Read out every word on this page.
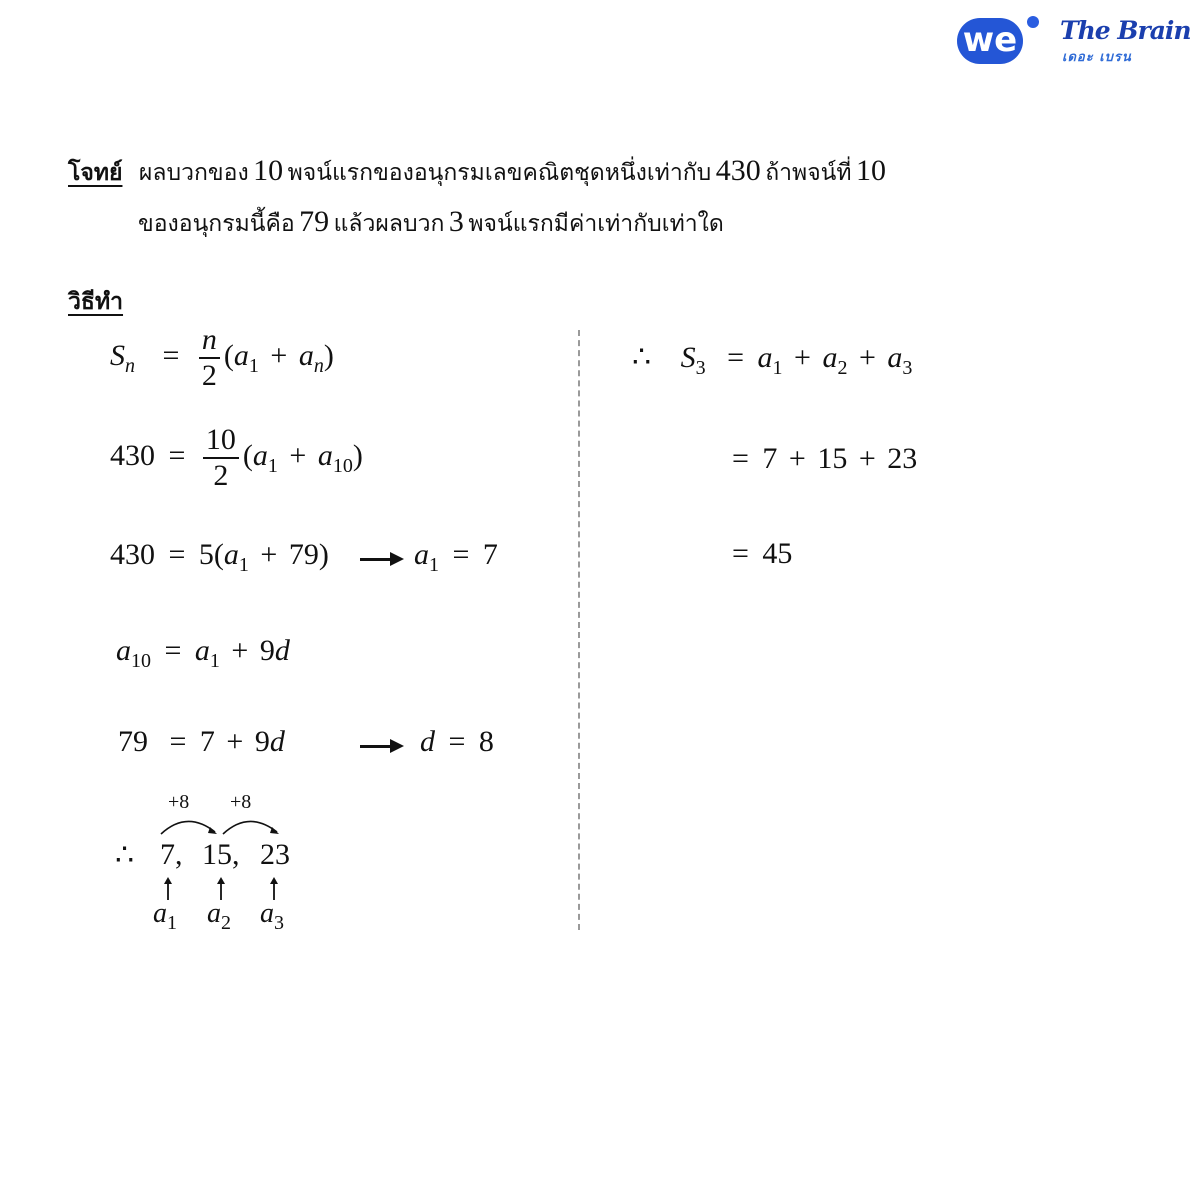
we The Brain
เดอะ เบรน
โจทย์ ผลบวกของ 10 พจน์แรกของอนุกรมเลขคณิตชุดหนึ่งเท่ากับ 430 ถ้าพจน์ที่ 10
ของอนุกรมนี้คือ 79 แล้วผลบวก 3 พจน์แรกมีค่าเท่ากับเท่าใด
วิธีทำ
$S_n = \frac{n}{2} (a_1 + a_n)$
$430 = \frac{10}{2} (a_1 + a_{10})$
$430 = 5(a_1 + 79)$	$a_1 = 7$
$a_{10} = a_1 + 9d$
79 = 7 + 9d	d = 8
+8 +8
∴ 7, 15, 23
$a_1$ $a_2$ $a_3$
∴ $S_3 = a_1 + a_2 + a_3$
= 7 + 15 + 23
= 45
